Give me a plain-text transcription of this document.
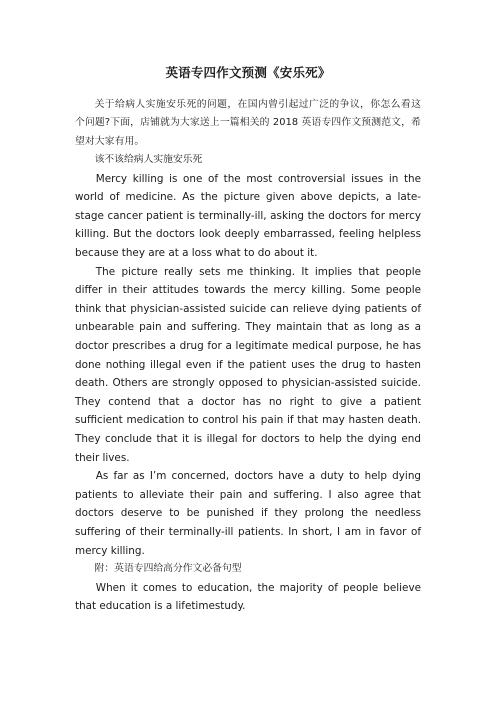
英语专四作文预测《安乐死》

关于给病人实施安乐死的问题，在国内曾引起过广泛的争议，你怎么看这个问题?下面，店铺就为大家送上一篇相关的 2018 英语专四作文预测范文，希望对大家有用。

该不该给病人实施安乐死

Mercy killing is one of the most controversial issues in the world of medicine. As the picture given above depicts, a late-stage cancer patient is terminally-ill, asking the doctors for mercy killing. But the doctors look deeply embarrassed, feeling helpless because they are at a loss what to do about it.

The picture really sets me thinking. It implies that people differ in their attitudes towards the mercy killing. Some people think that physician-assisted suicide can relieve dying patients of unbearable pain and suffering. They maintain that as long as a doctor prescribes a drug for a legitimate medical purpose, he has done nothing illegal even if the patient uses the drug to hasten death. Others are strongly opposed to physician-assisted suicide. They contend that a doctor has no right to give a patient sufficient medication to control his pain if that may hasten death. They conclude that it is illegal for doctors to help the dying end their lives.

As far as I’m concerned, doctors have a duty to help dying patients to alleviate their pain and suffering. I also agree that doctors deserve to be punished if they prolong the needless suffering of their terminally-ill patients. In short, I am in favor of mercy killing.

附：英语专四给高分作文必备句型

When it comes to education, the majority of people believe that education is a lifetimestudy.
